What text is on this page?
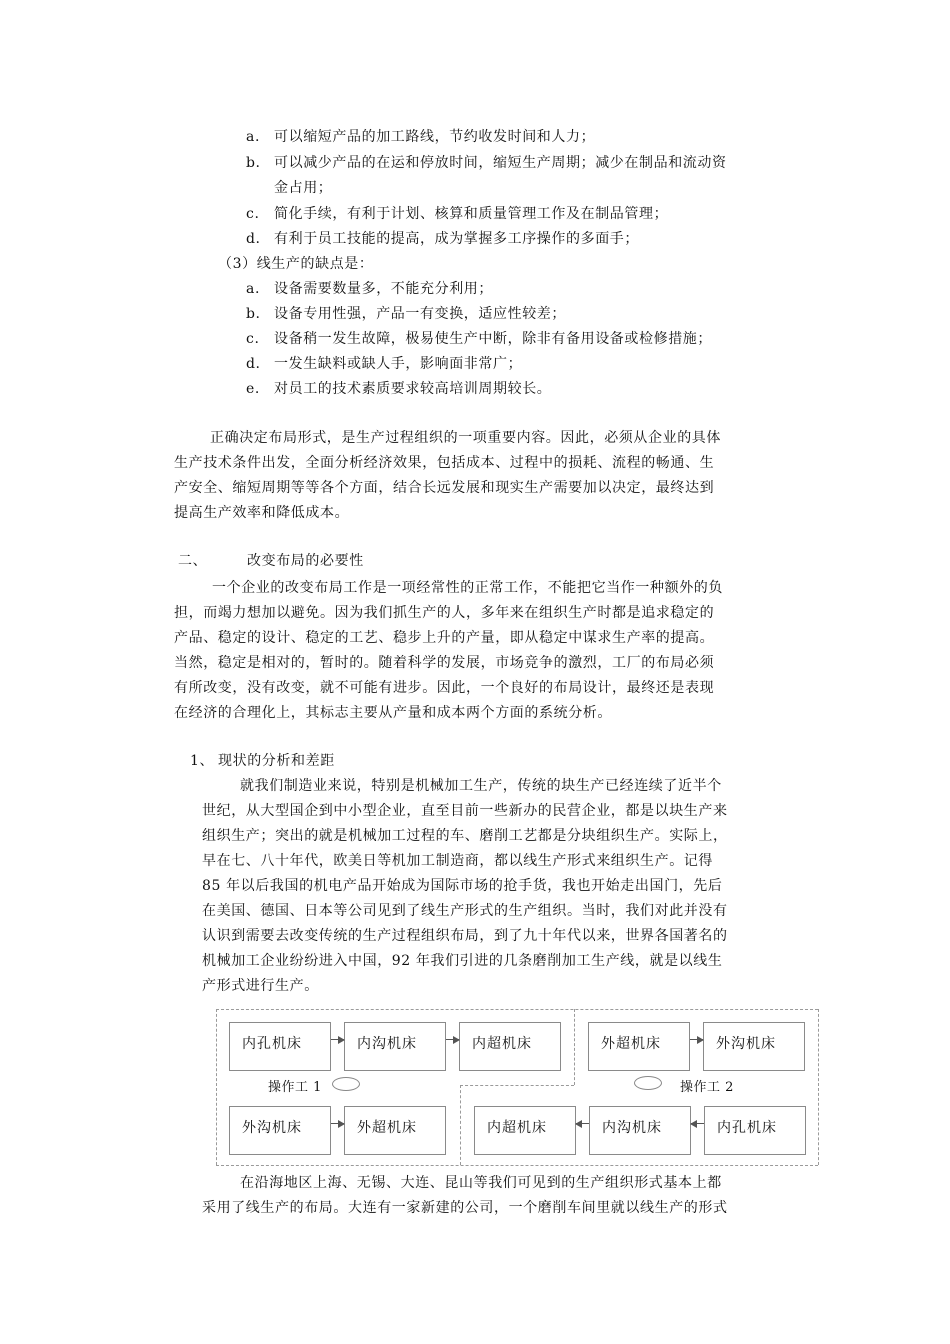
a. 可以缩短产品的加工路线，节约收发时间和人力；
b. 可以减少产品的在运和停放时间，缩短生产周期；减少在制品和流动资
金占用；
c. 简化手续，有利于计划、核算和质量管理工作及在制品管理；
d. 有利于员工技能的提高，成为掌握多工序操作的多面手；
（3）线生产的缺点是：
a. 设备需要数量多，不能充分利用；
b. 设备专用性强，产品一有变换，适应性较差；
c. 设备稍一发生故障，极易使生产中断，除非有备用设备或检修措施；
d. 一发生缺料或缺人手，影响面非常广；
e. 对员工的技术素质要求较高培训周期较长。
正确决定布局形式，是生产过程组织的一项重要内容。因此，必须从企业的具体
生产技术条件出发，全面分析经济效果，包括成本、过程中的损耗、流程的畅通、生
产安全、缩短周期等等各个方面，结合长远发展和现实生产需要加以决定，最终达到
提高生产效率和降低成本。
二、	改变布局的必要性
一个企业的改变布局工作是一项经常性的正常工作，不能把它当作一种额外的负
担，而竭力想加以避免。因为我们抓生产的人，多年来在组织生产时都是追求稳定的
产品、稳定的设计、稳定的工艺、稳步上升的产量，即从稳定中谋求生产率的提高。
当然，稳定是相对的，暂时的。随着科学的发展，市场竞争的激烈，工厂的布局必须
有所改变，没有改变，就不可能有进步。因此，一个良好的布局设计，最终还是表现
在经济的合理化上，其标志主要从产量和成本两个方面的系统分析。
1、 现状的分析和差距
就我们制造业来说，特别是机械加工生产，传统的块生产已经连续了近半个
世纪，从大型国企到中小型企业，直至目前一些新办的民营企业，都是以块生产来
组织生产；突出的就是机械加工过程的车、磨削工艺都是分块组织生产。实际上，
早在七、八十年代，欧美日等机加工制造商，都以线生产形式来组织生产。记得
85 年以后我国的机电产品开始成为国际市场的抢手货，我也开始走出国门，先后
在美国、德国、日本等公司见到了线生产形式的生产组织。当时，我们对此并没有
认识到需要去改变传统的生产过程组织布局，到了九十年代以来，世界各国著名的
机械加工企业纷纷进入中国，92 年我们引进的几条磨削加工生产线，就是以线生
产形式进行生产。
内孔机床	内沟机床	内超机床	外超机床	外沟机床
操作工 1	操作工 2
外沟机床	外超机床	内超机床	内沟机床	内孔机床
在沿海地区上海、无锡、大连、昆山等我们可见到的生产组织形式基本上都
采用了线生产的布局。大连有一家新建的公司，一个磨削车间里就以线生产的形式
